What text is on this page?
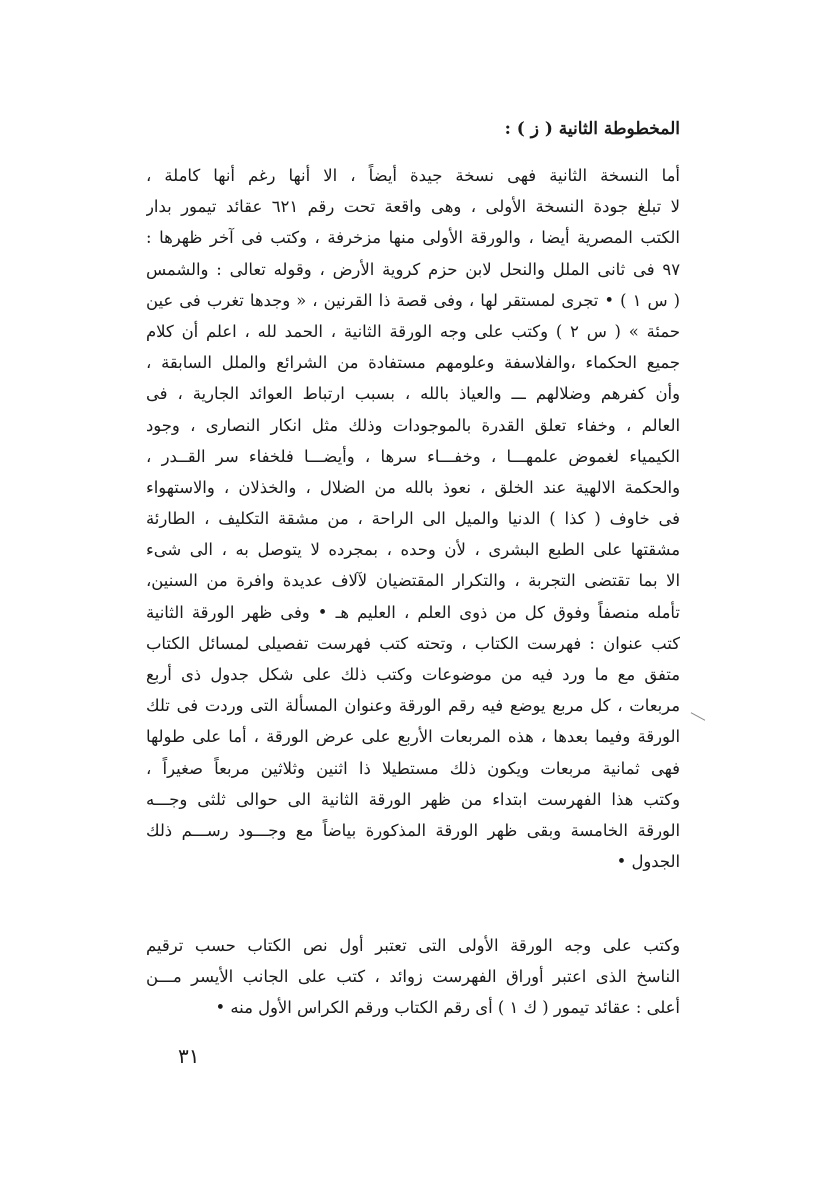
المخطوطة الثانية ( ز ) :
أما النسخة الثانية فهى نسخة جيدة أيضاً ، الا أنها رغم أنها كاملة ،
لا تبلغ جودة النسخة الأولى ، وهى واقعة تحت رقم ٦٢١ عقائد تيمور بدار
الكتب المصرية أيضا ، والورقة الأولى منها مزخرفة ، وكتب فى آخر ظهرها :
٩٧ فى ثانى الملل والنحل لابن حزم كروية الأرض ، وقوله تعالى : والشمس
( س ١ ) • تجرى لمستقر لها ، وفى قصة ذا القرنين ، « وجدها تغرب فى عين
حمئة » ( س ٢ ) وكتب على وجه الورقة الثانية ، الحمد لله ، اعلم أن كلام
جميع الحكماء ،والفلاسفة وعلومهم مستفادة من الشرائع والملل السابقة ،
وأن كفرهم وضلالهم ـــ والعياذ بالله ، بسبب ارتباط العوائد الجارية ، فى
العالم ، وخفاء تعلق القدرة بالموجودات وذلك مثل انكار النصارى ، وجود
الكيمياء لغموض علمهـــا ، وخفـــاء سرها ، وأيضـــا فلخفاء سر القــدر ،
والحكمة الالهية عند الخلق ، نعوذ بالله من الضلال ، والخذلان ، والاستهواء
فى خاوف ( كذا ) الدنيا والميل الى الراحة ، من مشقة التكليف ، الطارئة
مشقتها على الطبع البشرى ، لأن وحده ، بمجرده لا يتوصل به ، الى شىء
الا بما تقتضى التجربة ، والتكرار المقتضيان لآلاف عديدة وافرة من السنين،
تأمله منصفاً وفوق كل من ذوى العلم ، العليم هـ • وفى ظهر الورقة الثانية
كتب عنوان : فهرست الكتاب ، وتحته كتب فهرست تفصيلى لمسائل الكتاب
متفق مع ما ورد فيه من موضوعات وكتب ذلك على شكل جدول ذى أربع
مربعات ، كل مربع يوضع فيه رقم الورقة وعنوان المسألة التى وردت فى تلك
الورقة وفيما بعدها ، هذه المربعات الأربع على عرض الورقة ، أما على طولها
فهى ثمانية مربعات ويكون ذلك مستطيلا ذا اثنين وثلاثين مربعاً صغيراً ،
وكتب هذا الفهرست ابتداء من ظهر الورقة الثانية الى حوالى ثلثى وجـــه
الورقة الخامسة وبقى ظهر الورقة المذكورة بياضاً مع وجـــود رســـم ذلك
الجدول •
وكتب على وجه الورقة الأولى التى تعتبر أول نص الكتاب حسب ترقيم
الناسخ الذى اعتبر أوراق الفهرست زوائد ، كتب على الجانب الأيسر مـــن
أعلى : عقائد تيمور ( ك ١ ) أى رقم الكتاب ورقم الكراس الأول منه •
٣١
